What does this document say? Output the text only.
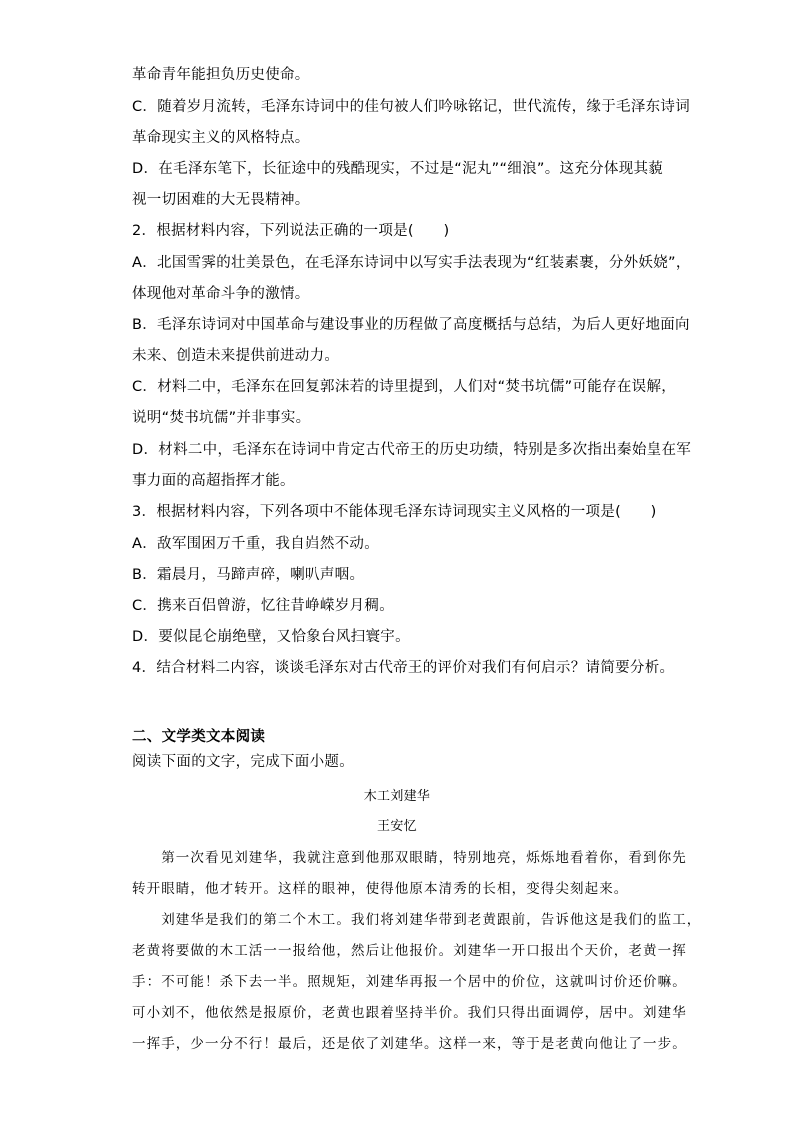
革命青年能担负历史使命。
C．随着岁月流转，毛泽东诗词中的佳句被人们吟咏铭记，世代流传，缘于毛泽东诗词
革命现实主义的风格特点。
D．在毛泽东笔下，长征途中的残酷现实，不过是“泥丸”“细浪”。这充分体现其藐
视一切困难的大无畏精神。
2．根据材料内容，下列说法正确的一项是(　　)
A．北国雪霁的壮美景色，在毛泽东诗词中以写实手法表现为“红装素裹，分外妖娆”，
体现他对革命斗争的激情。
B．毛泽东诗词对中国革命与建设事业的历程做了高度概括与总结，为后人更好地面向
未来、创造未来提供前进动力。
C．材料二中，毛泽东在回复郭沫若的诗里提到，人们对“焚书坑儒”可能存在误解，
说明“焚书坑儒”并非事实。
D．材料二中，毛泽东在诗词中肯定古代帝王的历史功绩，特别是多次指出秦始皇在军
事力面的高超指挥才能。
3．根据材料内容，下列各项中不能体现毛泽东诗词现实主义风格的一项是(　　)
A．敌军围困万千重，我自岿然不动。
B．霜晨月，马蹄声碎，喇叭声咽。
C．携来百侣曾游，忆往昔峥嵘岁月稠。
D．要似昆仑崩绝壁，又恰象台风扫寰宇。
4．结合材料二内容，谈谈毛泽东对古代帝王的评价对我们有何启示？请简要分析。
二、文学类文本阅读
阅读下面的文字，完成下面小题。
木工刘建华
王安忆
　　第一次看见刘建华，我就注意到他那双眼睛，特别地亮，烁烁地看着你，看到你先
转开眼睛，他才转开。这样的眼神，使得他原本清秀的长相，变得尖刻起来。
　　刘建华是我们的第二个木工。我们将刘建华带到老黄跟前，告诉他这是我们的监工，
老黄将要做的木工活一一报给他，然后让他报价。刘建华一开口报出个天价，老黄一挥
手：不可能！杀下去一半。照规矩，刘建华再报一个居中的价位，这就叫讨价还价嘛。
可小刘不，他依然是报原价，老黄也跟着坚持半价。我们只得出面调停，居中。刘建华
一挥手，少一分不行！最后，还是依了刘建华。这样一来，等于是老黄向他让了一步。
